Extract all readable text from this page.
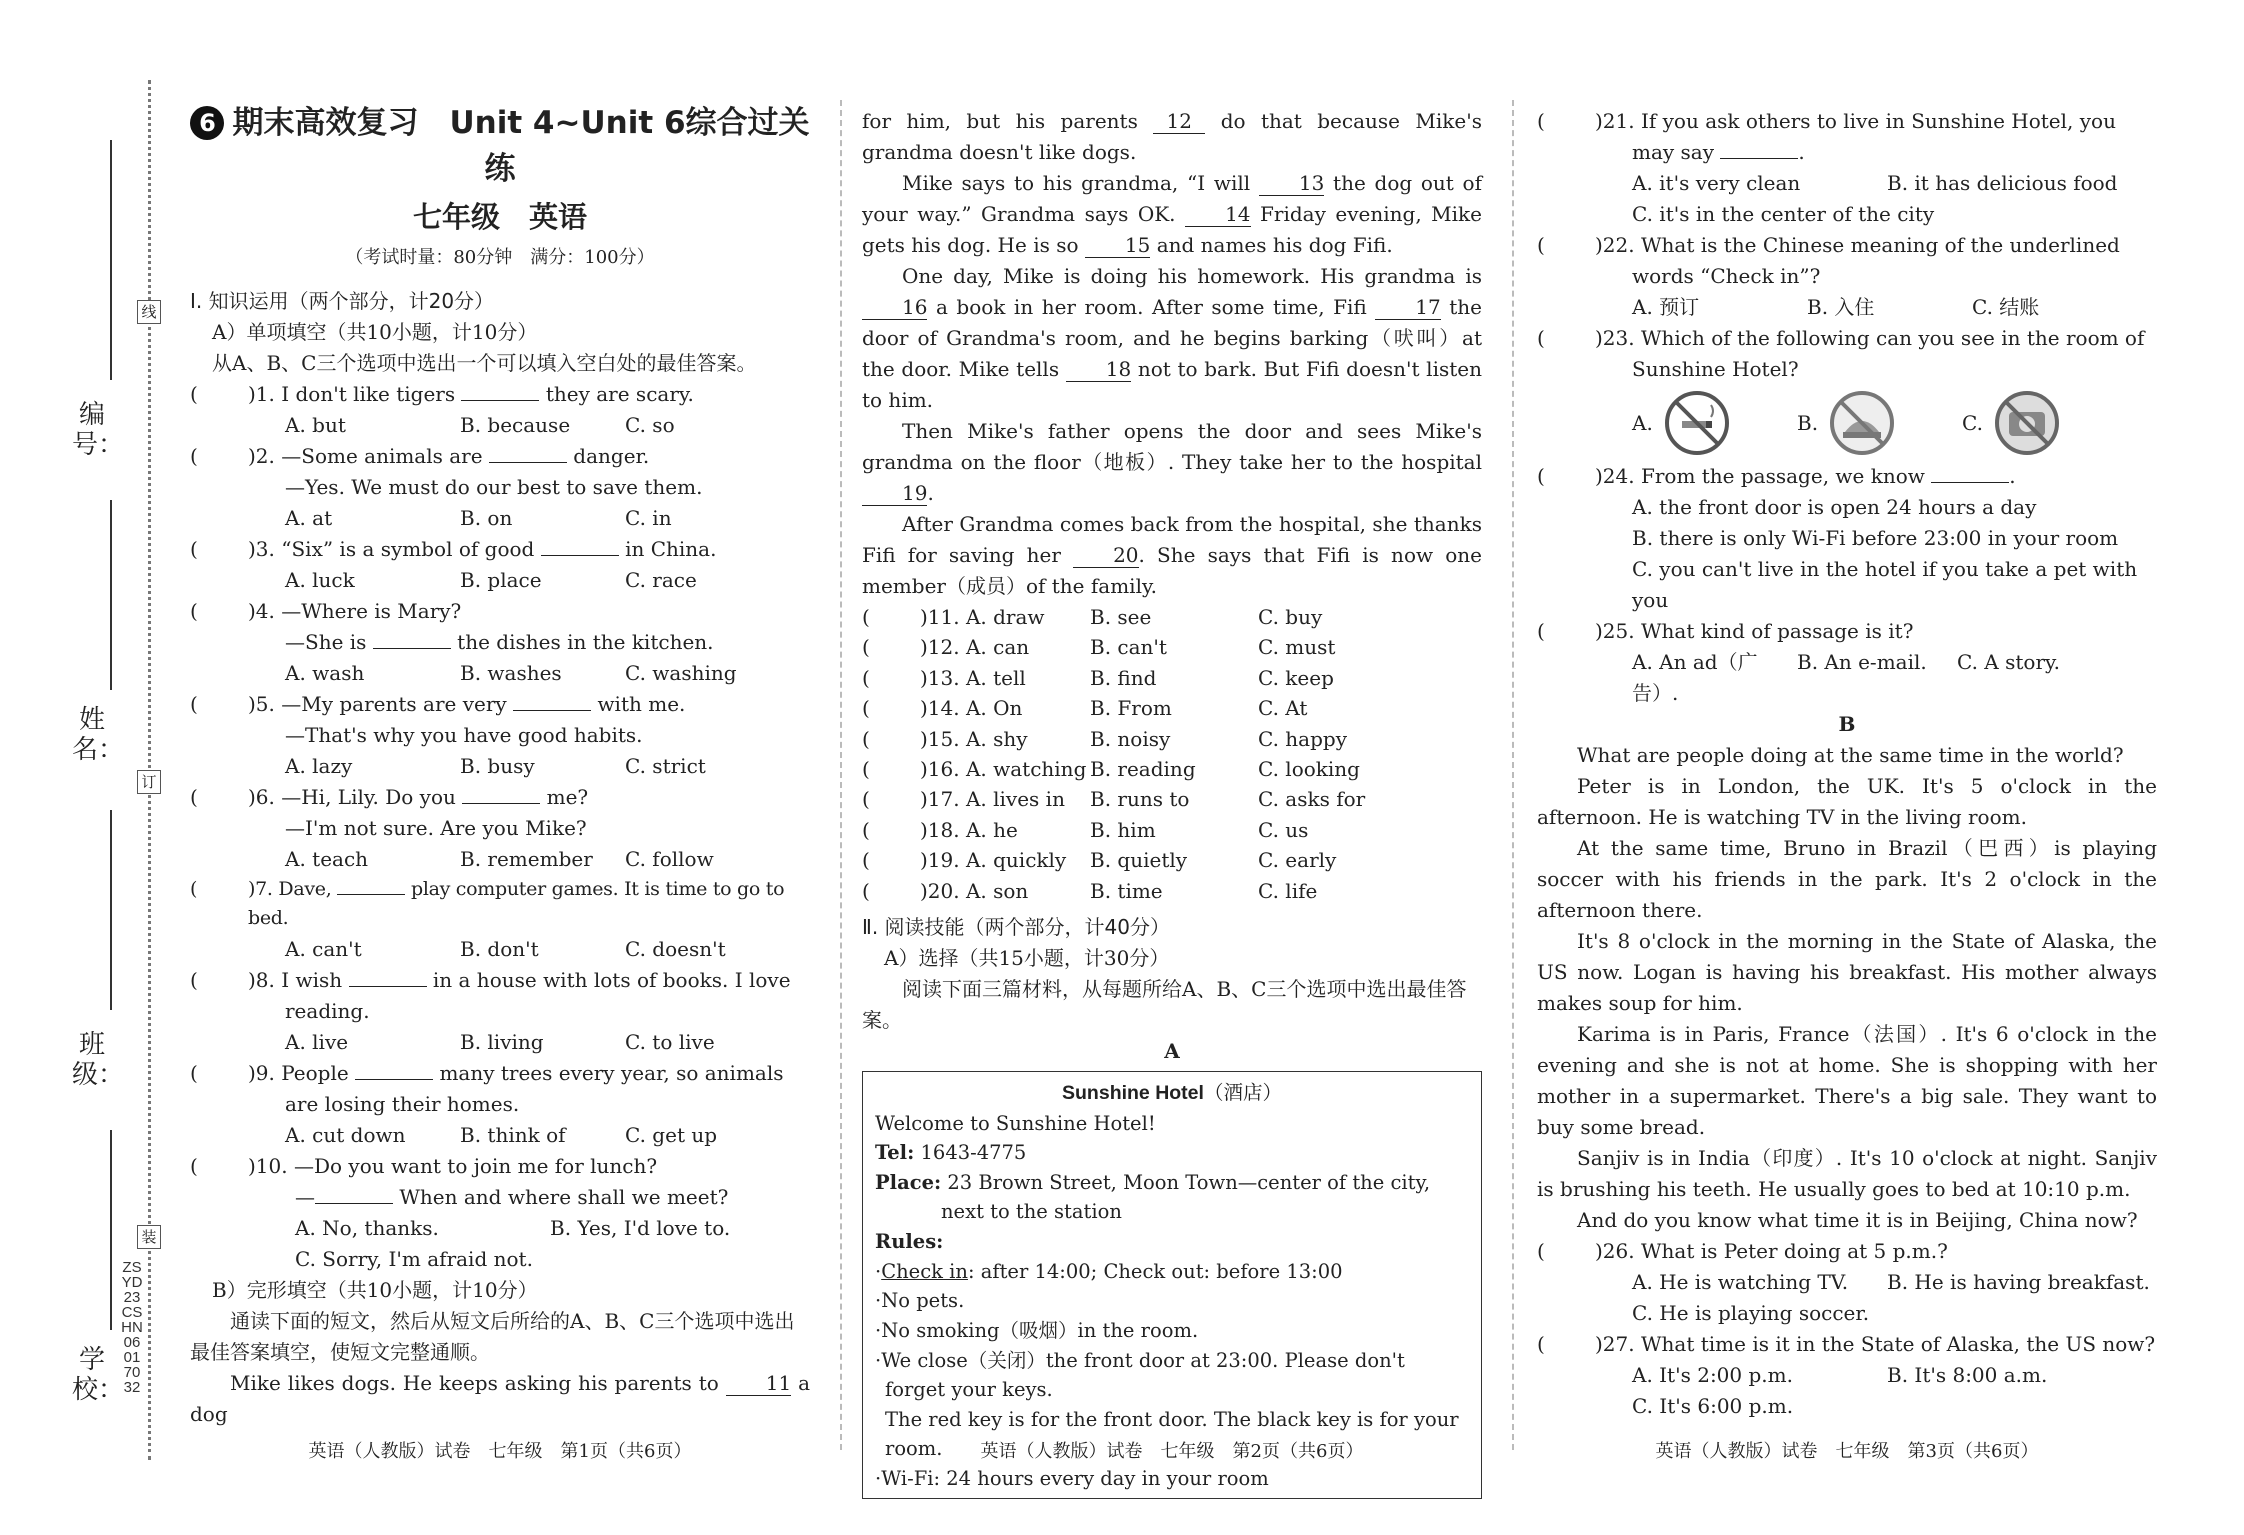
线
订
装
编号：
姓名：
班级：
学校：
ZSYD23CSHN06017032
6 期末高效复习　Unit 4~Unit 6综合过关练
七年级　英语
（考试时量：80分钟　满分：100分）
Ⅰ. 知识运用（两个部分，计20分）
A）单项填空（共10小题，计10分）
从A、B、C三个选项中选出一个可以填入空白处的最佳答案。
(	)1. I don't like tigers	they are scary.
A. but	B. because	C. so
(	)2. —Some animals are	danger.
—Yes. We must do our best to save them.
A. at	B. on	C. in
(	)3. “Six” is a symbol of good	in China.
A. luck	B. place	C. race
(	)4. —Where is Mary?
—She is	the dishes in the kitchen.
A. wash	B. washes	C. washing
(	)5. —My parents are very	with me.
—That's why you have good habits.
A. lazy	B. busy	C. strict
(	)6. —Hi, Lily. Do you	me?
—I'm not sure. Are you Mike?
A. teach	B. remember	C. follow
(	)7. Dave,	play computer games. It is time to go to bed.
A. can't	B. don't	C. doesn't
(	)8. I wish	in a house with lots of books. I love reading.
A. live	B. living	C. to live
(	)9. People	many trees every year, so animals are losing their homes.
A. cut down	B. think of	C. get up
(	)10. —Do you want to join me for lunch?
—	When and where shall we meet?
A. No, thanks.	B. Yes, I'd love to.
C. Sorry, I'm afraid not.
B）完形填空（共10小题，计10分）
通读下面的短文，然后从短文后所给的A、B、C三个选项中选出最佳答案填空，使短文完整通顺。
Mike likes dogs. He keeps asking his parents to 11 a dog
for him, but his parents 12 do that because Mike's grandma doesn't like dogs.
Mike says to his grandma, “I will 13 the dog out of your way.” Grandma says OK. 14 Friday evening, Mike gets his dog. He is so 15 and names his dog Fifi.
One day, Mike is doing his homework. His grandma is 16 a book in her room. After some time, Fifi 17 the door of Grandma's room, and he begins barking（吠叫）at the door. Mike tells 18 not to bark. But Fifi doesn't listen to him.
Then Mike's father opens the door and sees Mike's grandma on the floor（地板）. They take her to the hospital 19.
After Grandma comes back from the hospital, she thanks Fifi for saving her	20. She says that Fifi is now one member（成员）of the family.
(	)11. A. draw	B. see	C. buy
(	)12. A. can	B. can't	C. must
(	)13. A. tell	B. find	C. keep
(	)14. A. On	B. From	C. At
(	)15. A. shy	B. noisy	C. happy
(	)16. A. watching B. reading	C. looking
(	)17. A. lives in	B. runs to	C. asks for
(	)18. A. he	B. him	C. us
(	)19. A. quickly	B. quietly	C. early
(	)20. A. son	B. time	C. life
Ⅱ. 阅读技能（两个部分，计40分）
A）选择（共15小题，计30分）
阅读下面三篇材料，从每题所给A、B、C三个选项中选出最佳答案。
A
Sunshine Hotel（酒店）
Welcome to Sunshine Hotel!
Tel: 1643-4775
Place: 23 Brown Street, Moon Town—center of the city, next to the station
Rules:
·Check in: after 14:00; Check out: before 13:00
·No pets.
·No smoking（吸烟）in the room.
·We close（关闭）the front door at 23:00. Please don't forget your keys.
The red key is for the front door. The black key is for your room.
·Wi-Fi: 24 hours every day in your room
(	)21. If you ask others to live in Sunshine Hotel, you may say	.
A. it's very clean	B. it has delicious food
C. it's in the center of the city
(	)22. What is the Chinese meaning of the underlined words “Check in”?
A. 预订	B. 入住	C. 结账
(	)23. Which of the following can you see in the room of Sunshine Hotel?
A.	B.	C.
(	)24. From the passage, we know	.
A. the front door is open 24 hours a day
B. there is only Wi-Fi before 23:00 in your room
C. you can't live in the hotel if you take a pet with you
(	)25. What kind of passage is it?
A. An ad（广告）.
B. An e-mail.	C. A story.
B
What are people doing at the same time in the world?
Peter is in London, the UK. It's 5 o'clock in the afternoon. He is watching TV in the living room.
At the same time, Bruno in Brazil（巴西）is playing soccer with his friends in the park. It's 2 o'clock in the afternoon there.
It's 8 o'clock in the morning in the State of Alaska, the US now. Logan is having his breakfast. His mother always makes soup for him.
Karima is in Paris, France（法国）. It's 6 o'clock in the evening and she is not at home. She is shopping with her mother in a supermarket. There's a big sale. They want to buy some bread.
Sanjiv is in India（印度）. It's 10 o'clock at night. Sanjiv is brushing his teeth. He usually goes to bed at 10:10 p.m.
And do you know what time it is in Beijing, China now?
(	)26. What is Peter doing at 5 p.m.?
A. He is watching TV.	B. He is having breakfast.
C. He is playing soccer.
(	)27. What time is it in the State of Alaska, the US now?
A. It's 2:00 p.m.	B. It's 8:00 a.m.
C. It's 6:00 p.m.
英语（人教版）试卷　七年级　第1页（共6页）	英语（人教版）试卷　七年级　第2页（共6页）	英语（人教版）试卷　七年级　第3页（共6页）
